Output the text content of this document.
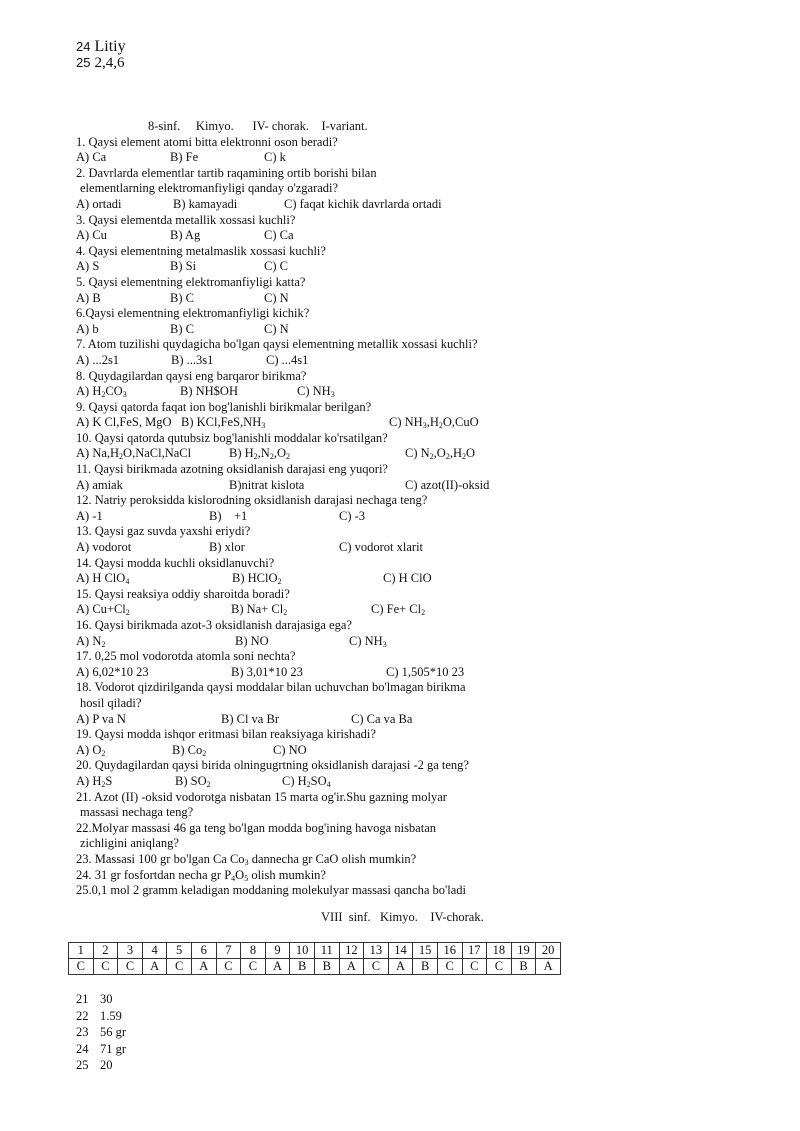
24 Litiy
25 2,4,6
8-sinf.     Kimyo.      IV- chorak.    I-variant.
1. Qaysi element atomi bitta elektronni oson beradi?
A) Ca	B) Fe	C) k
2. Davrlarda elementlar tartib raqamining ortib borishi bilan
elementlarning elektromanfiyligi qanday o'zgaradi?
A) ortadi	B) kamayadi	C) faqat kichik davrlarda ortadi
3. Qaysi elementda metallik xossasi kuchli?
A) Cu	B) Ag	C) Ca
4. Qaysi elementning metalmaslik xossasi kuchli?
A) S	B) Si	C) C
5. Qaysi elementning elektromanfiyligi katta?
A) B	B) C	C) N
6.Qaysi elementning elektromanfiyligi kichik?
A) b	B) C	C) N
7. Atom tuzilishi quydagicha bo'lgan qaysi elementning metallik xossasi kuchli?
A) ...2s1	B) ...3s1	C) ...4s1
8. Quydagilardan qaysi eng barqaror birikma?
A) $H_2CO_3$	B) NH$OH	C) $NH_3$
9. Qaysi qatorda faqat ion bog'lanishli birikmalar berilgan?
A) K Cl,FeS, MgO B) $KCl,FeS,NH_3$	C) $NH_3,H_2O,CuO$
10. Qaysi qatorda qutubsiz bog'lanishli moddalar ko'rsatilgan?
A) $Na,H_2O,NaCl,NaCl$	B) $H_2,N_2,O_2$	C) $N_2,O_2,H_2O$
11. Qaysi birikmada azotning oksidlanish darajasi eng yuqori?
A) amiak	B)nitrat kislota	C) azot(II)-oksid
12. Natriy peroksidda kislorodning oksidlanish darajasi nechaga teng?
A) -1	B)    +1	C) -3
13. Qaysi gaz suvda yaxshi eriydi?
A) vodorot	B) xlor	C) vodorot xlarit
14. Qaysi modda kuchli oksidlanuvchi?
A) H ClO$_4$	B) HClO$_2$	C) H ClO
15. Qaysi reaksiya oddiy sharoitda boradi?
A) $Cu+Cl_2$	B) $Na+ Cl_2$	C) $Fe+ Cl_2$
16. Qaysi birikmada azot-3 oksidlanish darajasiga ega?
A) $N_2$	B) NO	C) $NH_3$
17. 0,25 mol vodorotda atomla soni nechta?
A) 6,02*10 23	B) 3,01*10 23	C) 1,505*10 23
18. Vodorot qizdirilganda qaysi moddalar bilan uchuvchan bo'lmagan birikma
hosil qiladi?
A) P va N	B) Cl va Br	C) Ca va Ba
19. Qaysi modda ishqor eritmasi bilan reaksiyaga kirishadi?
A) $O_2$	B) $Co_2$	C) NO
20. Quydagilardan qaysi birida olningugrtning oksidlanish darajasi -2 ga teng?
A) $H_2S$	B) $SO_2$	C) $H_2SO_4$
21. Azot (II) -oksid vodorotga nisbatan 15 marta og'ir.Shu gazning molyar
massasi nechaga teng?
22.Molyar massasi 46 ga teng bo'lgan modda bog'ining havoga nisbatan
zichligini aniqlang?
23. Massasi 100 gr bo'lgan Ca $Co_3$ dannecha gr CaO olish mumkin?
24. 31 gr fosfortdan necha gr $P_4O_5$ olish mumkin?
25.0,1 mol 2 gramm keladigan moddaning molekulyar massasi qancha bo'ladi
VIII  sinf.   Kimyo.    IV-chorak.
1	2	3	4	5	6	7	8	9	10	11	12	13	14	15	16	17	18	19	20
C	C	C	A	C	A	C	C	A	B	B	A	C	A	B	C	C	C	B	A
21 30
22 1.59
23 56 gr
24 71 gr
25 20
